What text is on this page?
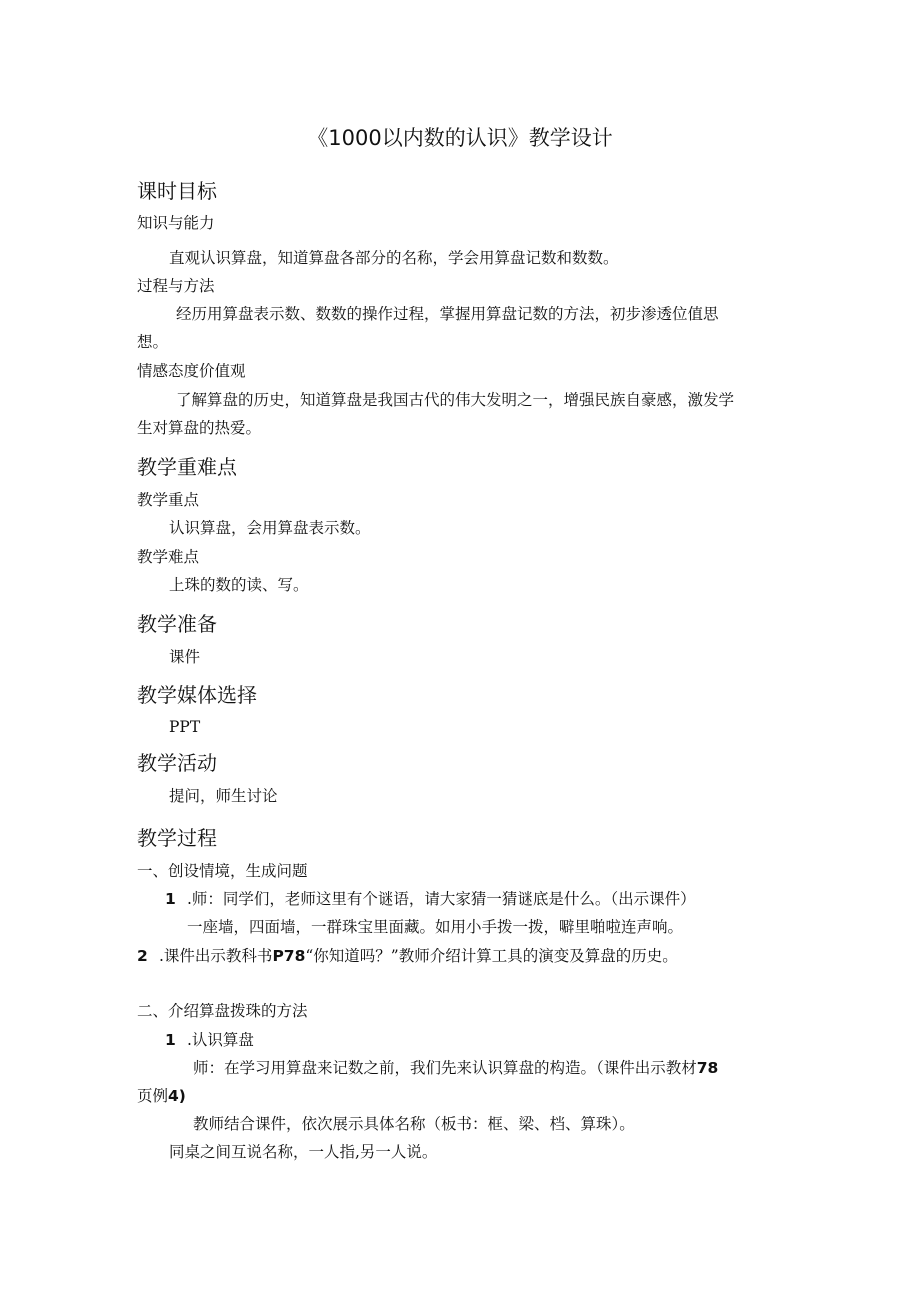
《1000以内数的认识》教学设计
课时目标
知识与能力
直观认识算盘，知道算盘各部分的名称，学会用算盘记数和数数。
过程与方法
经历用算盘表示数、数数的操作过程，掌握用算盘记数的方法，初步渗透位值思
想。
情感态度价值观
了解算盘的历史，知道算盘是我国古代的伟大发明之一，增强民族自豪感，激发学
生对算盘的热爱。
教学重难点
教学重点
认识算盘，会用算盘表示数。
教学难点
上珠的数的读、写。
教学准备
课件
教学媒体选择
PPT
教学活动
提问，师生讨论
教学过程
一、创设情境，生成问题
1 .师：同学们，老师这里有个谜语，请大家猜一猜谜底是什么。（出示课件）
一座墙，四面墙，一群珠宝里面藏。如用小手拨一拨，噼里啪啦连声响。
2 .课件出示教科书P78“你知道吗？”教师介绍计算工具的演变及算盘的历史。
二、介绍算盘拨珠的方法
1 .认识算盘
师：在学习用算盘来记数之前，我们先来认识算盘的构造。（课件出示教材78
页例4)
教师结合课件，依次展示具体名称（板书：框、梁、档、算珠）。
同桌之间互说名称，一人指,另一人说。
